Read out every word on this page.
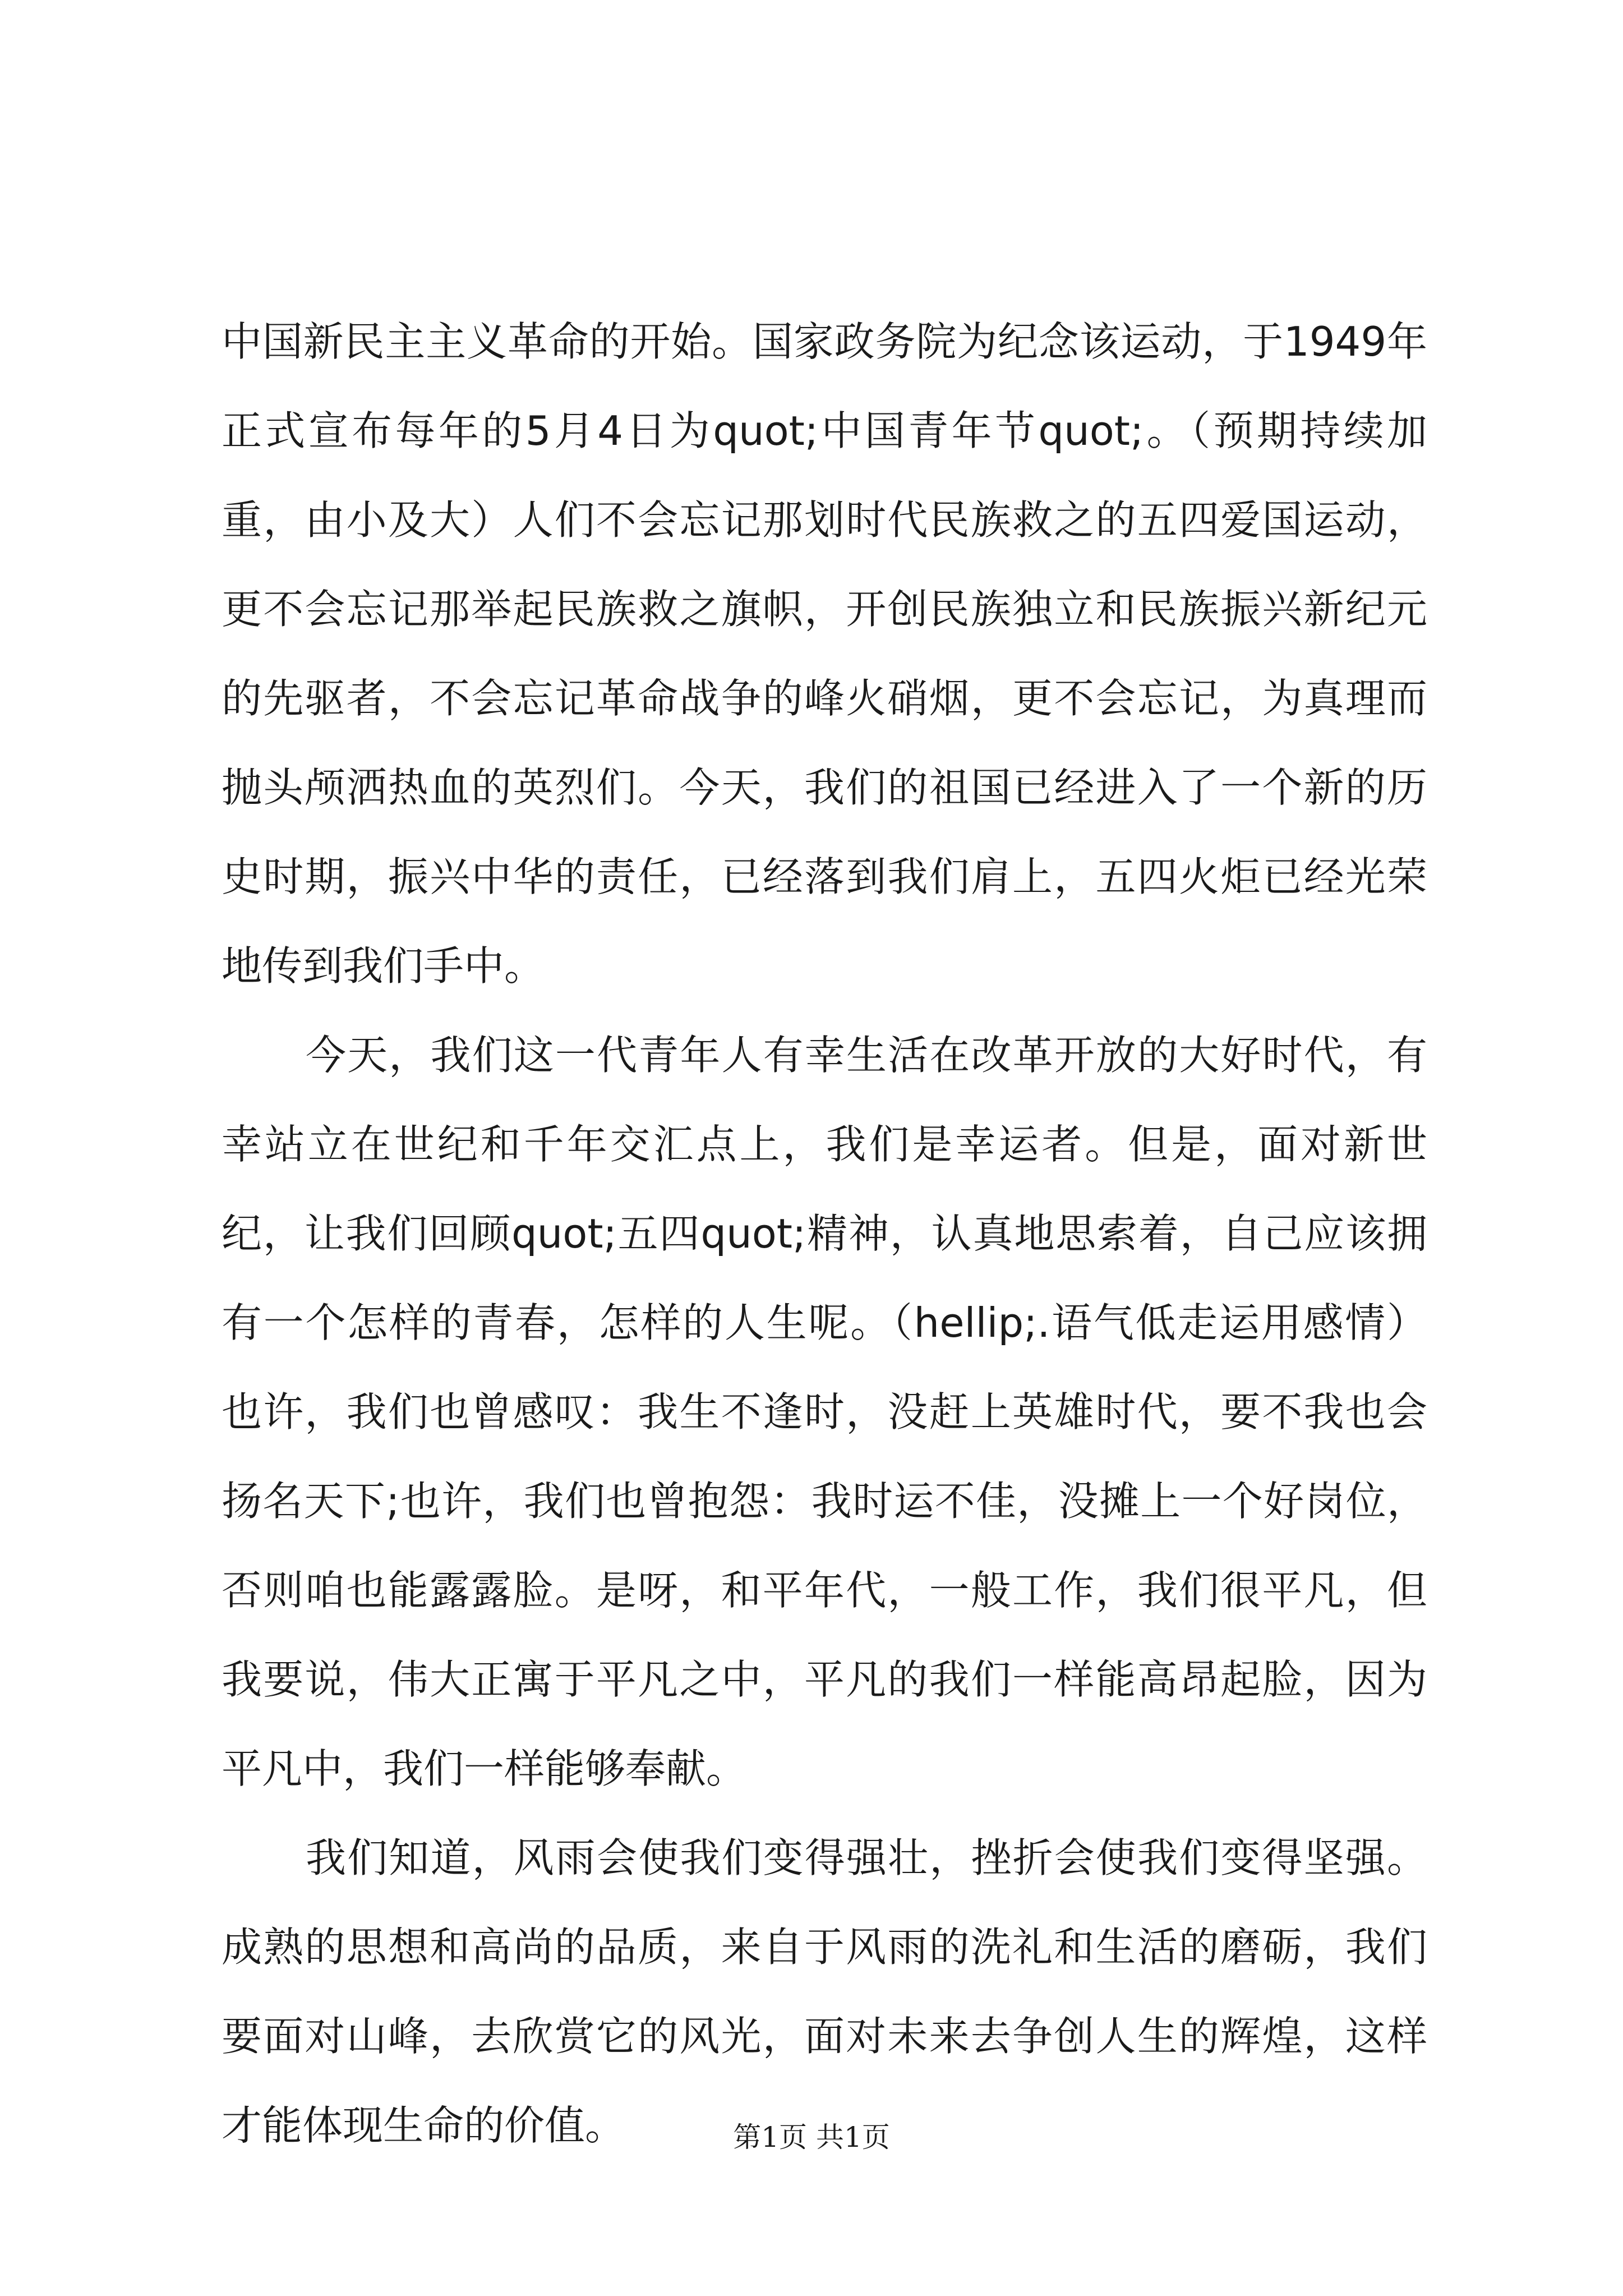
中国新民主主义革命的开始。国家政务院为纪念该运动，于1949年正式宣布每年的5月4日为quot;中国青年节quot;。（预期持续加重，由小及大）人们不会忘记那划时代民族救之的五四爱国运动，更不会忘记那举起民族救之旗帜，开创民族独立和民族振兴新纪元的先驱者，不会忘记革命战争的峰火硝烟，更不会忘记，为真理而抛头颅洒热血的英烈们。今天，我们的祖国已经进入了一个新的历史时期，振兴中华的责任，已经落到我们肩上，五四火炬已经光荣地传到我们手中。

今天，我们这一代青年人有幸生活在改革开放的大好时代，有幸站立在世纪和千年交汇点上，我们是幸运者。但是，面对新世纪，让我们回顾quot;五四quot;精神，认真地思索着，自己应该拥有一个怎样的青春，怎样的人生呢。（hellip;.语气低走运用感情）也许，我们也曾感叹：我生不逢时，没赶上英雄时代，要不我也会扬名天下;也许，我们也曾抱怨：我时运不佳，没摊上一个好岗位，否则咱也能露露脸。是呀，和平年代，一般工作，我们很平凡，但我要说，伟大正寓于平凡之中，平凡的我们一样能高昂起脸，因为平凡中，我们一样能够奉献。

我们知道，风雨会使我们变得强壮，挫折会使我们变得坚强。成熟的思想和高尚的品质，来自于风雨的洗礼和生活的磨砺，我们要面对山峰，去欣赏它的风光，面对未来去争创人生的辉煌，这样才能体现生命的价值。	第1页 共1页
